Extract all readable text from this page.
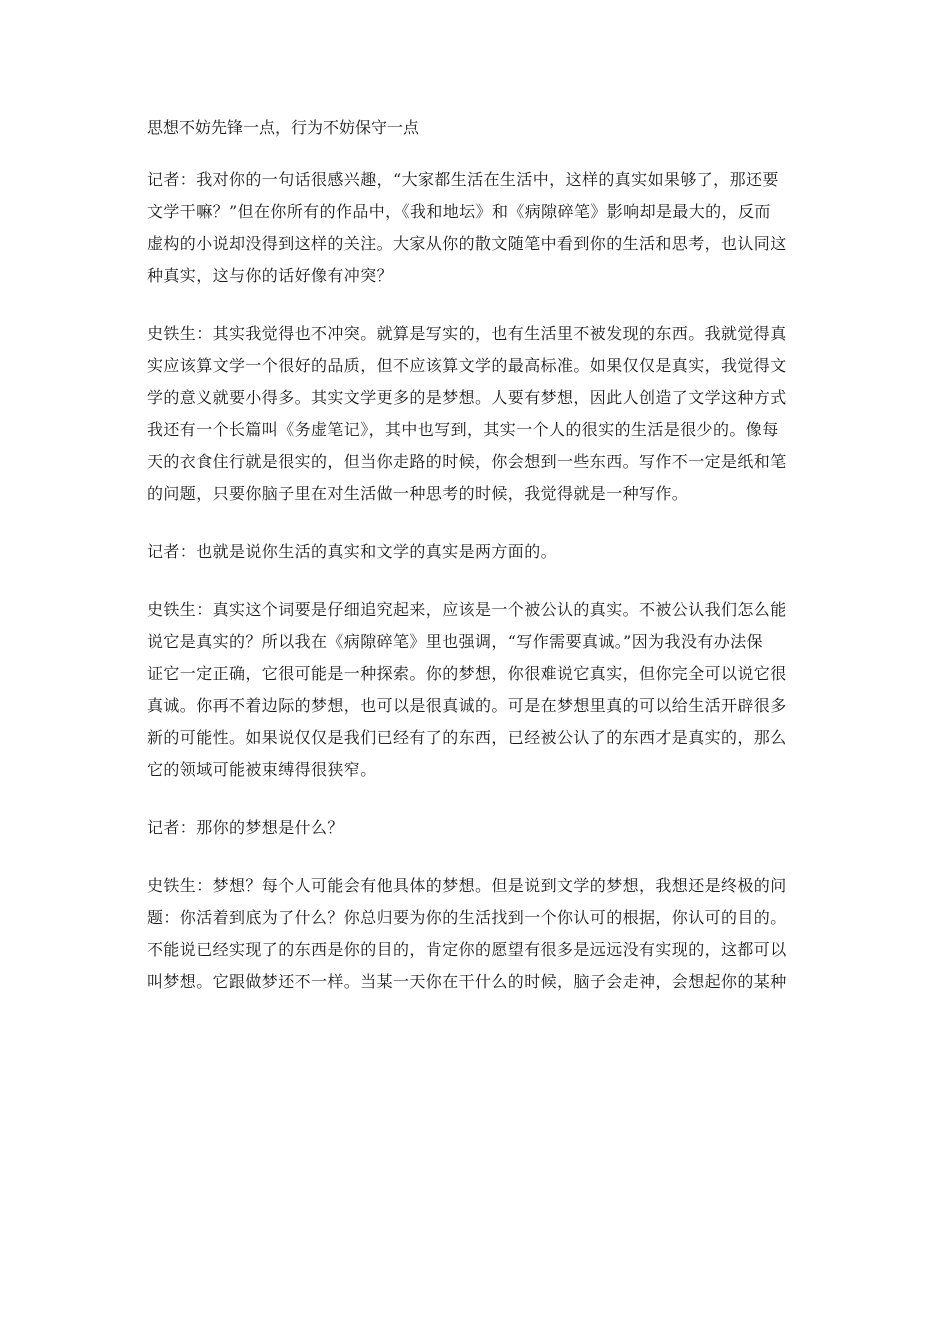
思想不妨先锋一点，行为不妨保守一点
记者：我对你的一句话很感兴趣，“大家都生活在生活中，这样的真实如果够了，那还要
文学干嘛？”但在你所有的作品中，《我和地坛》和《病隙碎笔》影响却是最大的，反而
虚构的小说却没得到这样的关注。大家从你的散文随笔中看到你的生活和思考，也认同这
种真实，这与你的话好像有冲突？
史铁生：其实我觉得也不冲突。就算是写实的，也有生活里不被发现的东西。我就觉得真
实应该算文学一个很好的品质，但不应该算文学的最高标准。如果仅仅是真实，我觉得文
学的意义就要小得多。其实文学更多的是梦想。人要有梦想，因此人创造了文学这种方式
我还有一个长篇叫《务虚笔记》，其中也写到，其实一个人的很实的生活是很少的。像每
天的衣食住行就是很实的，但当你走路的时候，你会想到一些东西。写作不一定是纸和笔
的问题，只要你脑子里在对生活做一种思考的时候，我觉得就是一种写作。
记者：也就是说你生活的真实和文学的真实是两方面的。
史铁生：真实这个词要是仔细追究起来，应该是一个被公认的真实。不被公认我们怎么能
说它是真实的？所以我在《病隙碎笔》里也强调，“写作需要真诚。”因为我没有办法保
证它一定正确，它很可能是一种探索。你的梦想，你很难说它真实，但你完全可以说它很
真诚。你再不着边际的梦想，也可以是很真诚的。可是在梦想里真的可以给生活开辟很多
新的可能性。如果说仅仅是我们已经有了的东西，已经被公认了的东西才是真实的，那么
它的领域可能被束缚得很狭窄。
记者：那你的梦想是什么？
史铁生：梦想？每个人可能会有他具体的梦想。但是说到文学的梦想，我想还是终极的问
题：你活着到底为了什么？你总归要为你的生活找到一个你认可的根据，你认可的目的。
不能说已经实现了的东西是你的目的，肯定你的愿望有很多是远远没有实现的，这都可以
叫梦想。它跟做梦还不一样。当某一天你在干什么的时候，脑子会走神，会想起你的某种
